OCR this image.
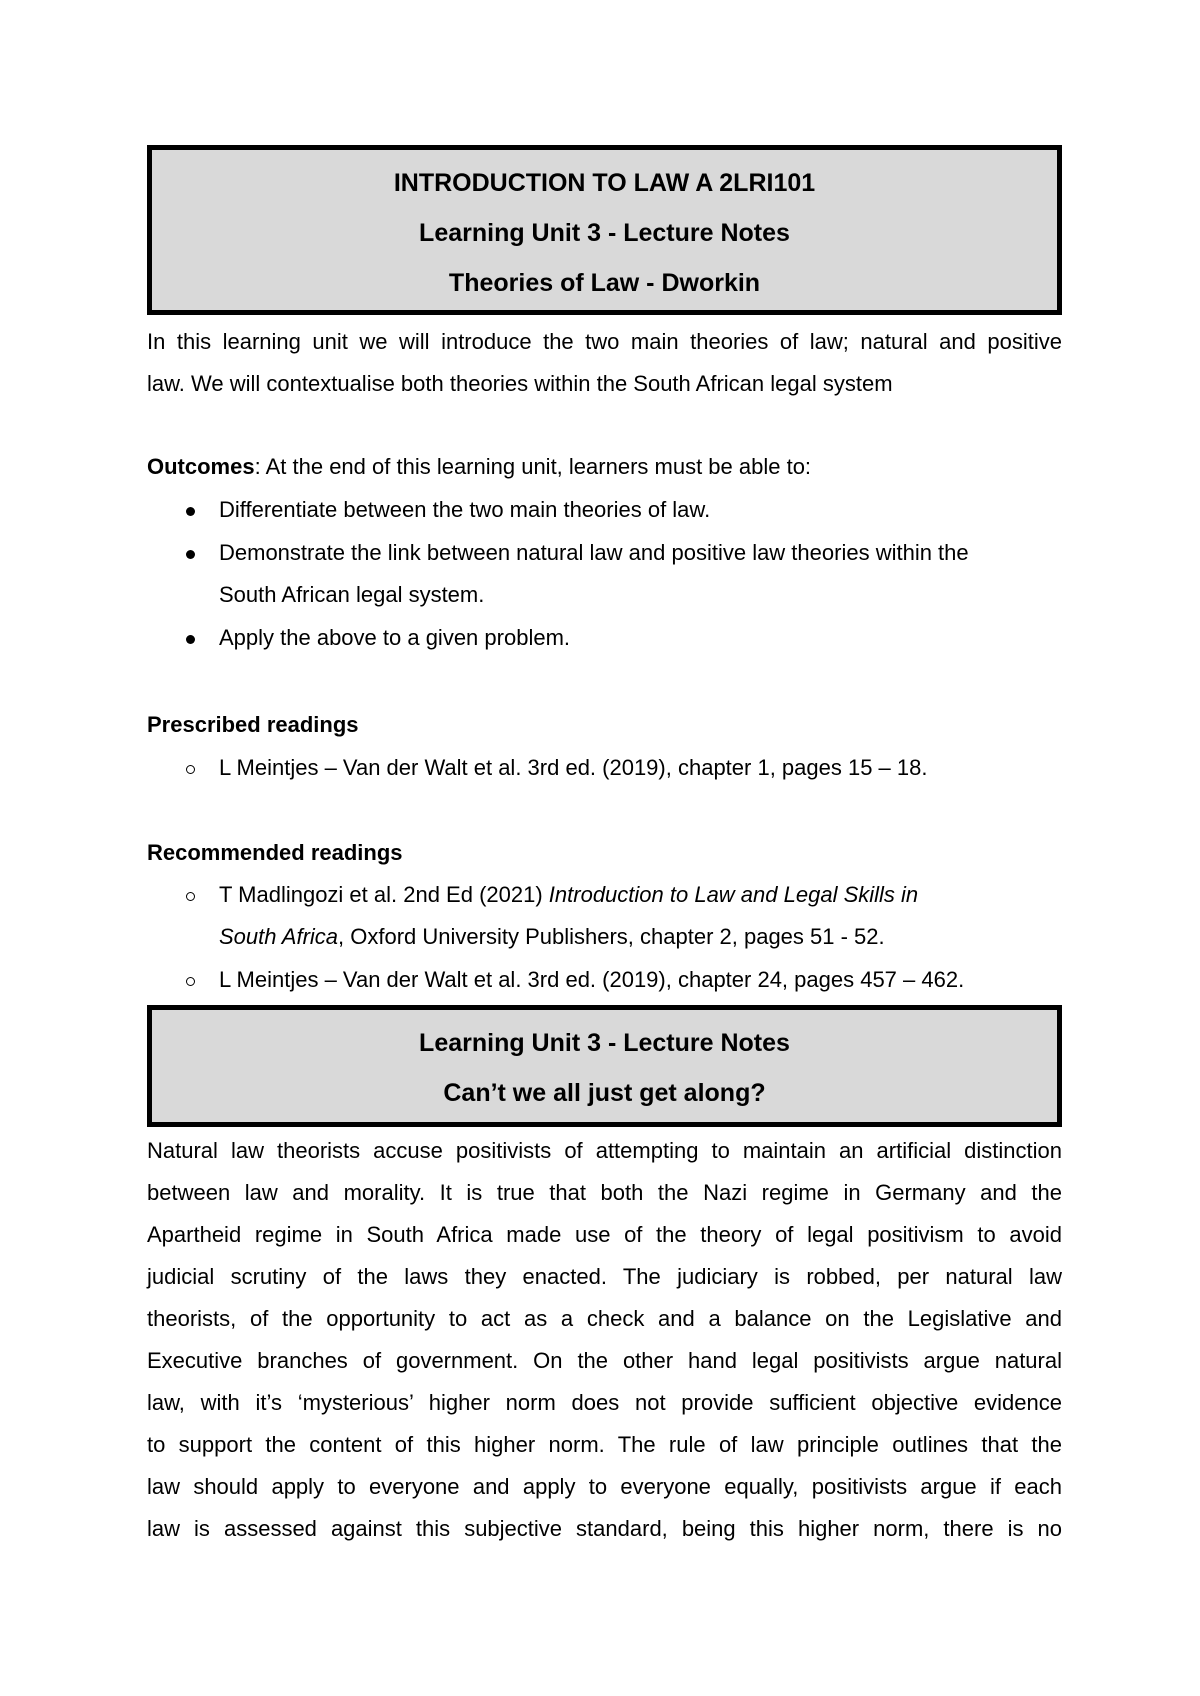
INTRODUCTION TO LAW A 2LRI101
Learning Unit 3 - Lecture Notes
Theories of Law - Dworkin
In this learning unit we will introduce the two main theories of law; natural and positive
law. We will contextualise both theories within the South African legal system
Outcomes: At the end of this learning unit, learners must be able to:
Differentiate between the two main theories of law.
Demonstrate the link between natural law and positive law theories within the
South African legal system.
Apply the above to a given problem.
Prescribed readings
L Meintjes – Van der Walt et al. 3rd ed. (2019), chapter 1, pages 15 – 18.
Recommended readings
T Madlingozi et al. 2nd Ed (2021) Introduction to Law and Legal Skills in
South Africa, Oxford University Publishers, chapter 2, pages 51 - 52.
L Meintjes – Van der Walt et al. 3rd ed. (2019), chapter 24, pages 457 – 462.
Learning Unit 3 - Lecture Notes
Can’t we all just get along?
Natural law theorists accuse positivists of attempting to maintain an artificial distinction
between law and morality. It is true that both the Nazi regime in Germany and the
Apartheid regime in South Africa made use of the theory of legal positivism to avoid
judicial scrutiny of the laws they enacted. The judiciary is robbed, per natural law
theorists, of the opportunity to act as a check and a balance on the Legislative and
Executive branches of government. On the other hand legal positivists argue natural
law, with it’s ‘mysterious’ higher norm does not provide sufficient objective evidence
to support the content of this higher norm. The rule of law principle outlines that the
law should apply to everyone and apply to everyone equally, positivists argue if each
law is assessed against this subjective standard, being this higher norm, there is no
